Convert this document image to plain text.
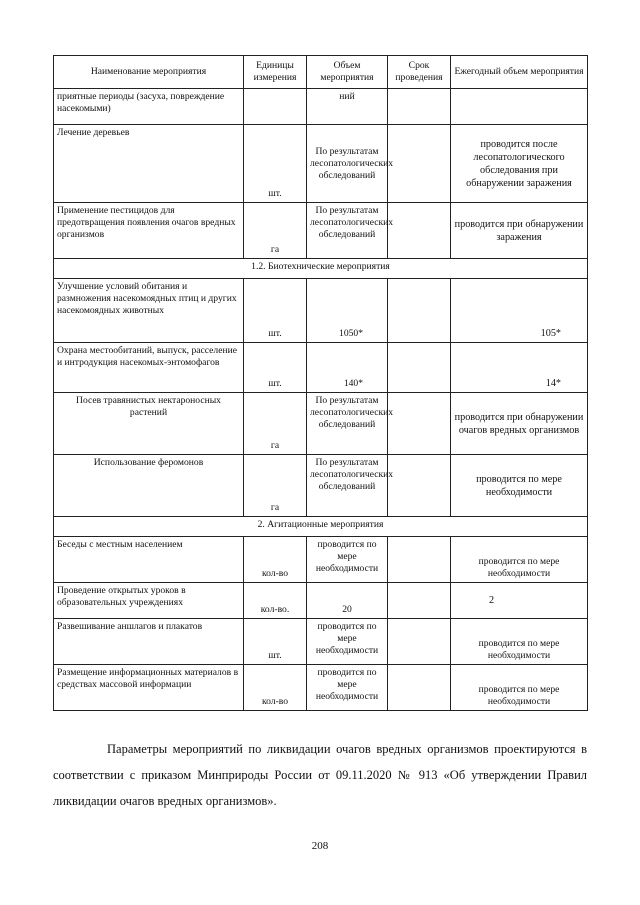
Наименование мероприятия	Единицы измерения	Объем мероприятия	Срок проведения	Ежегодный объем мероприятия
приятные периоды (засуха, повреждение насекомыми)		ний		
Лечение деревьев	шт.	По результатам лесопатологических обследований		проводится после лесопатологического обследования при обнаружении заражения
Применение пестицидов для предотвращения появления очагов вредных организмов	га	По результатам лесопатологических обследований		проводится при обнаружении заражения
1.2. Биотехнические мероприятия				
Улучшение условий обитания и размножения насекомоядных птиц и других насекомоядных животных	шт.	1050*		105*
Охрана местообитаний, выпуск, расселение и интродукция насекомых-энтомофагов	шт.	140*		14*
Посев травянистых нектароносных растений	га	По результатам лесопатологических обследований		проводится при обнаружении очагов вредных организмов
Использование феромонов	га	По результатам лесопатологических обследований		проводится по мере необходимости
2. Агитационные мероприятия				
Беседы с местным населением	кол-во	проводится по мере необходимости		проводится по мере необходимости
Проведение открытых уроков в образовательных учреждениях	кол-во.	20		2
Развешивание аншлагов и плакатов	шт.	проводится по мере необходимости		проводится по мере необходимости
Размещение информационных материалов в средствах массовой информации	кол-во	проводится по мере необходимости		проводится по мере необходимости

Параметры мероприятий по ликвидации очагов вредных организмов проектируются в соответствии с приказом Минприроды России от 09.11.2020 № 913 «Об утверждении Правил ликвидации очагов вредных организмов».

208
